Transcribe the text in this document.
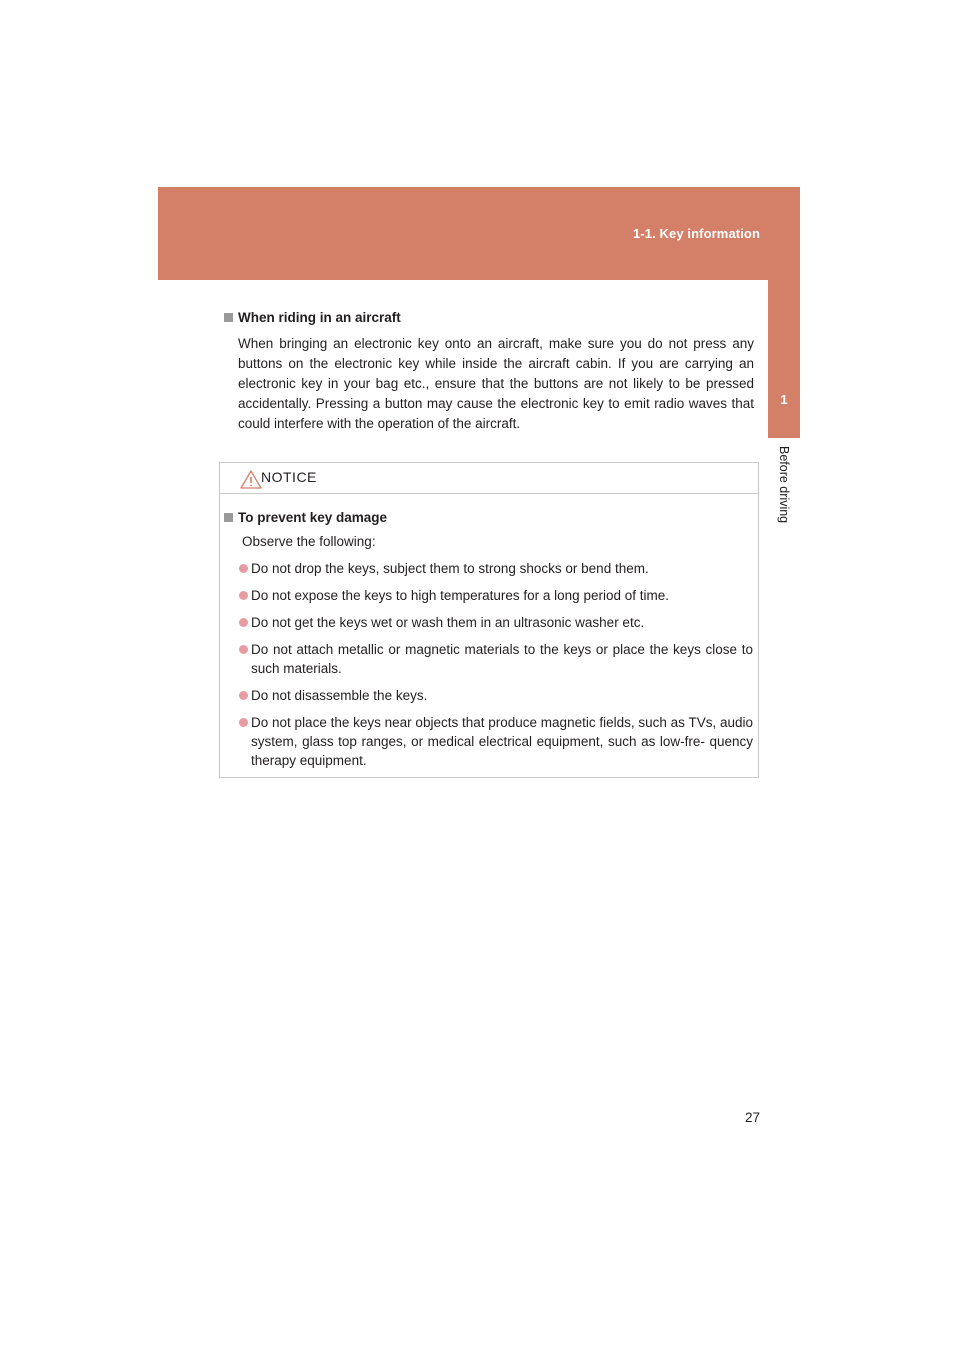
1-1. Key information
1
Before driving
When riding in an aircraft
When bringing an electronic key onto an aircraft, make sure you do not press any buttons on the electronic key while inside the aircraft cabin. If you are carrying an electronic key in your bag etc., ensure that the buttons are not likely to be pressed accidentally. Pressing a button may cause the electronic key to emit radio waves that could interfere with the operation of the aircraft.
NOTICE
To prevent key damage
Observe the following:
Do not drop the keys, subject them to strong shocks or bend them.
Do not expose the keys to high temperatures for a long period of time.
Do not get the keys wet or wash them in an ultrasonic washer etc.
Do not attach metallic or magnetic materials to the keys or place the keys close to such materials.
Do not disassemble the keys.
Do not place the keys near objects that produce magnetic fields, such as TVs, audio system, glass top ranges, or medical electrical equipment, such as low-fre- quency therapy equipment.
27
